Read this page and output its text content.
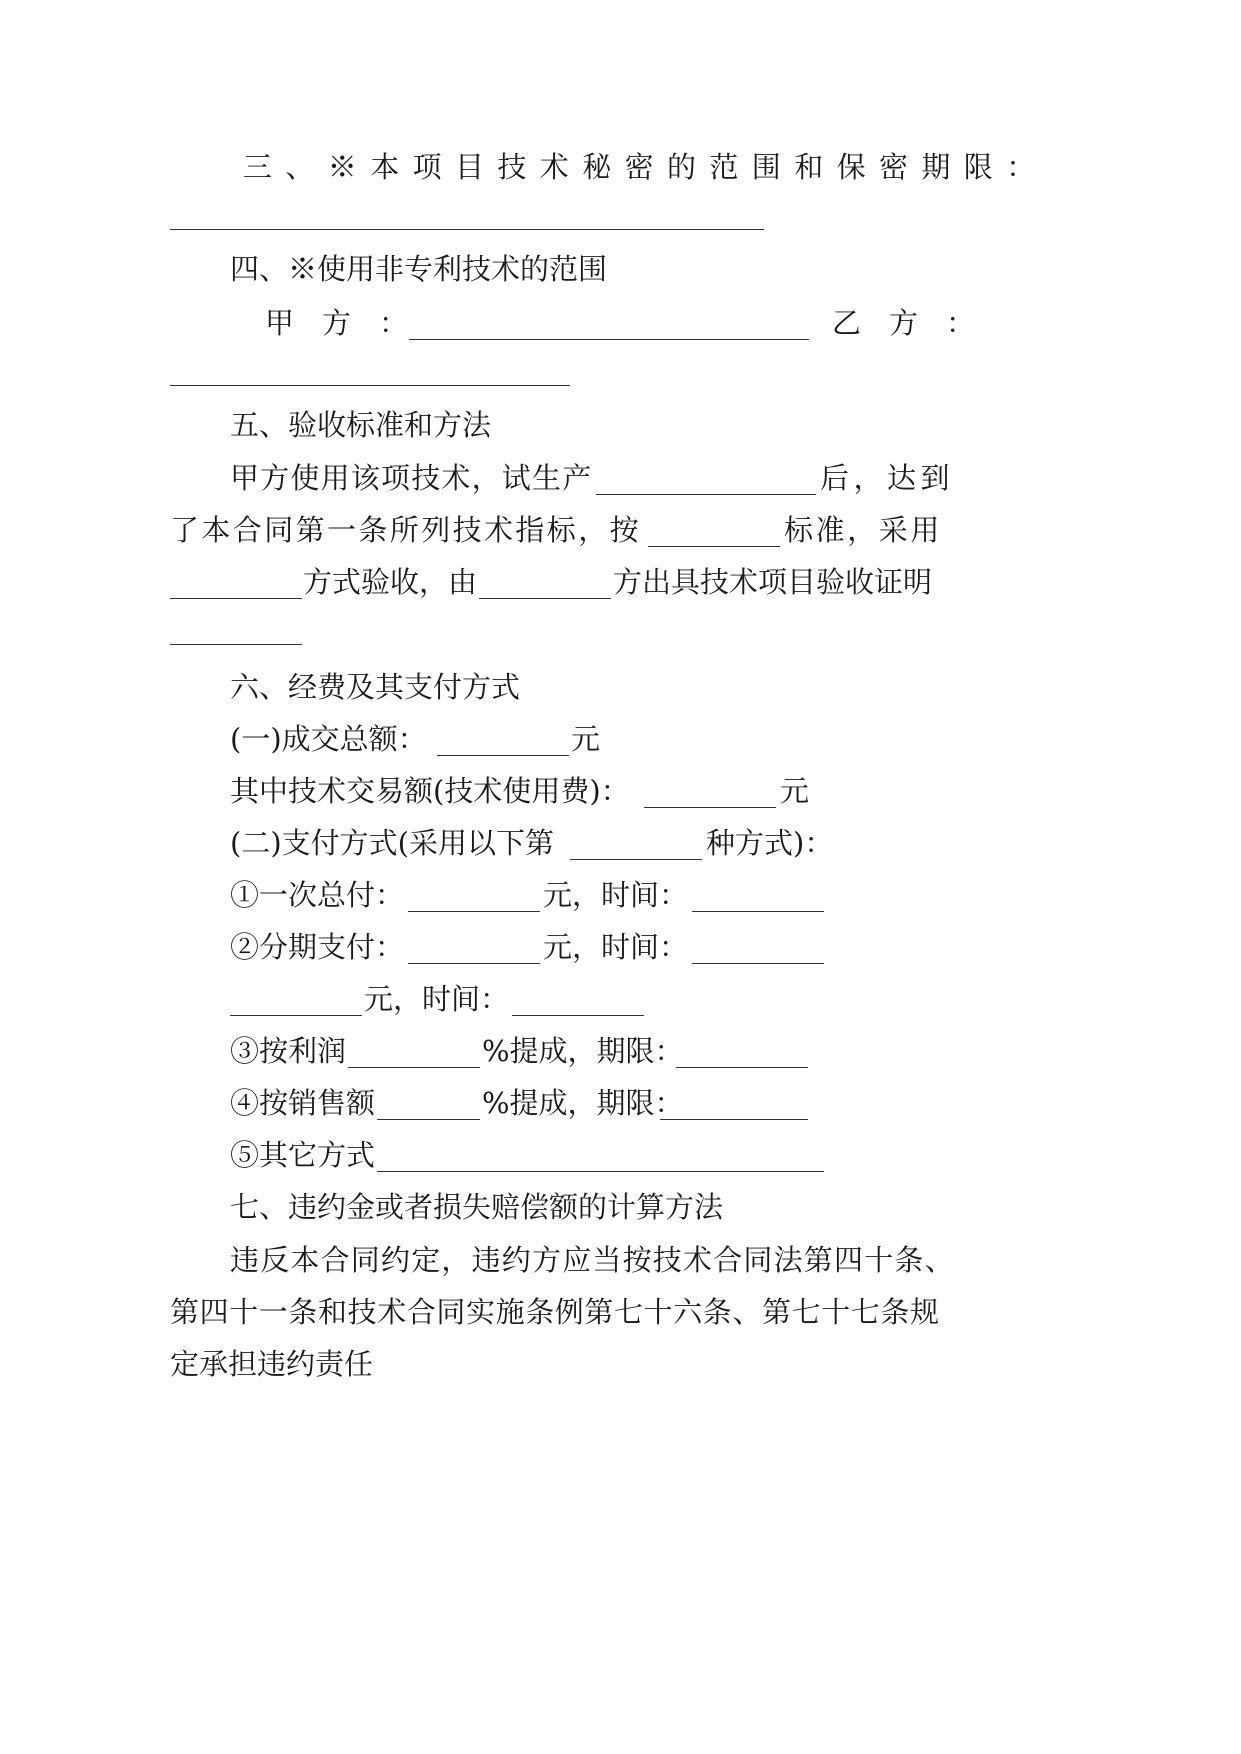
三、※本项目技术秘密的范围和保密期限：
四、※使用非专利技术的范围
甲方：	乙方：
五、验收标准和方法
甲方使用该项技术，试生产	后，达到
了本合同第一条所列技术指标，按	标准，采用
方式验收，由	方出具技术项目验收证明
六、经费及其支付方式
(一)成交总额：	元
其中技术交易额(技术使用费)：	元
(二)支付方式(采用以下第	种方式)：
①一次总付：	元，时间：
②分期支付：	元，时间：
元，时间：
③按利润	%提成，期限：
④按销售额	%提成，期限：
⑤其它方式
七、违约金或者损失赔偿额的计算方法
违反本合同约定，违约方应当按技术合同法第四十条、
第四十一条和技术合同实施条例第七十六条、第七十七条规
定承担违约责任
